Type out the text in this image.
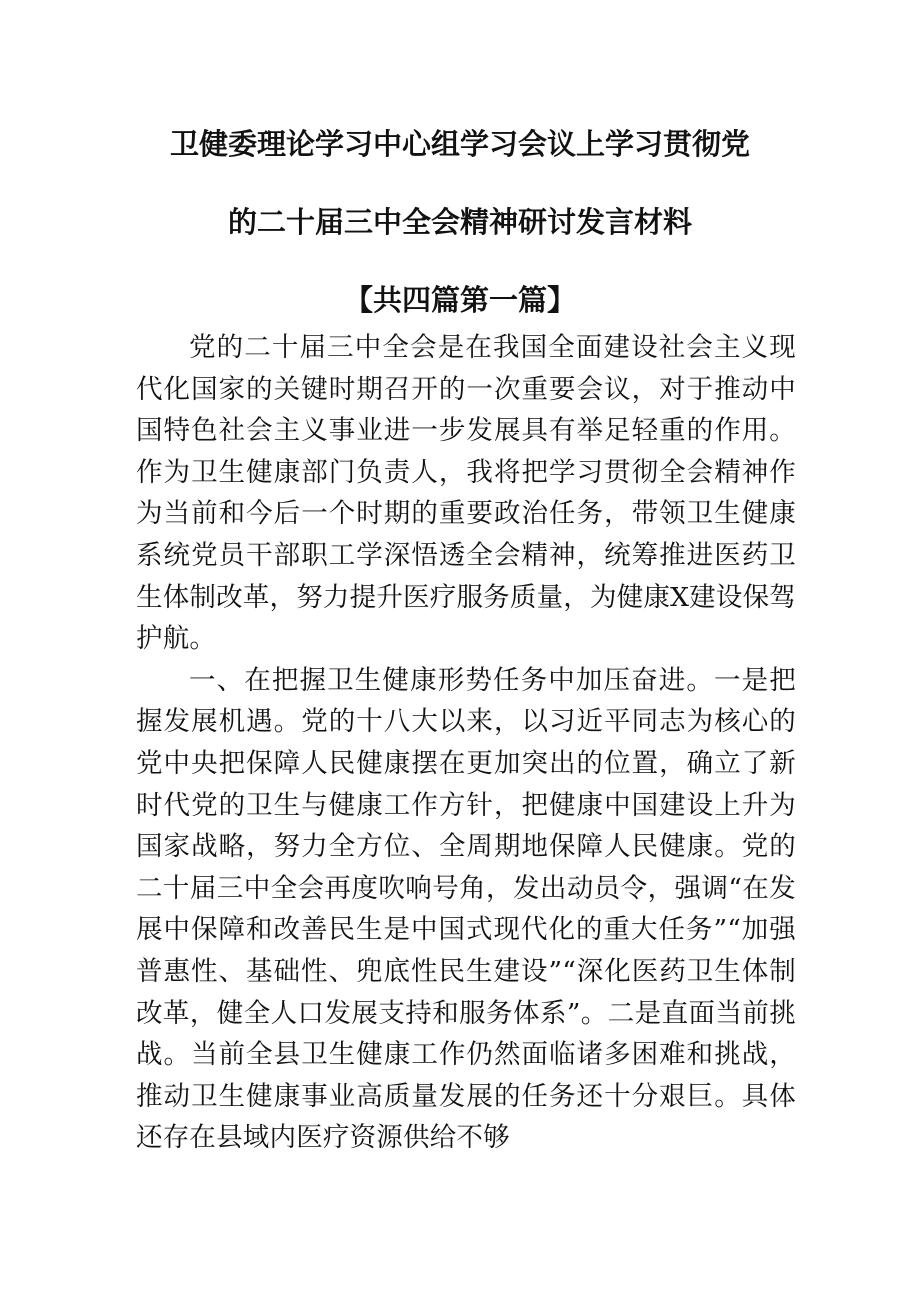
卫健委理论学习中心组学习会议上学习贯彻党
的二十届三中全会精神研讨发言材料
【共四篇第一篇】

党的二十届三中全会是在我国全面建设社会主义现代化国家的关键时期召开的一次重要会议，对于推动中国特色社会主义事业进一步发展具有举足轻重的作用。作为卫生健康部门负责人，我将把学习贯彻全会精神作为当前和今后一个时期的重要政治任务，带领卫生健康系统党员干部职工学深悟透全会精神，统筹推进医药卫生体制改革，努力提升医疗服务质量，为健康X建设保驾护航。

一、在把握卫生健康形势任务中加压奋进。一是把握发展机遇。党的十八大以来，以习近平同志为核心的党中央把保障人民健康摆在更加突出的位置，确立了新时代党的卫生与健康工作方针，把健康中国建设上升为国家战略，努力全方位、全周期地保障人民健康。党的二十届三中全会再度吹响号角，发出动员令，强调“在发展中保障和改善民生是中国式现代化的重大任务”“加强普惠性、基础性、兜底性民生建设”“深化医药卫生体制改革，健全人口发展支持和服务体系”。二是直面当前挑战。当前全县卫生健康工作仍然面临诸多困难和挑战，推动卫生健康事业高质量发展的任务还十分艰巨。具体还存在县域内医疗资源供给不够
